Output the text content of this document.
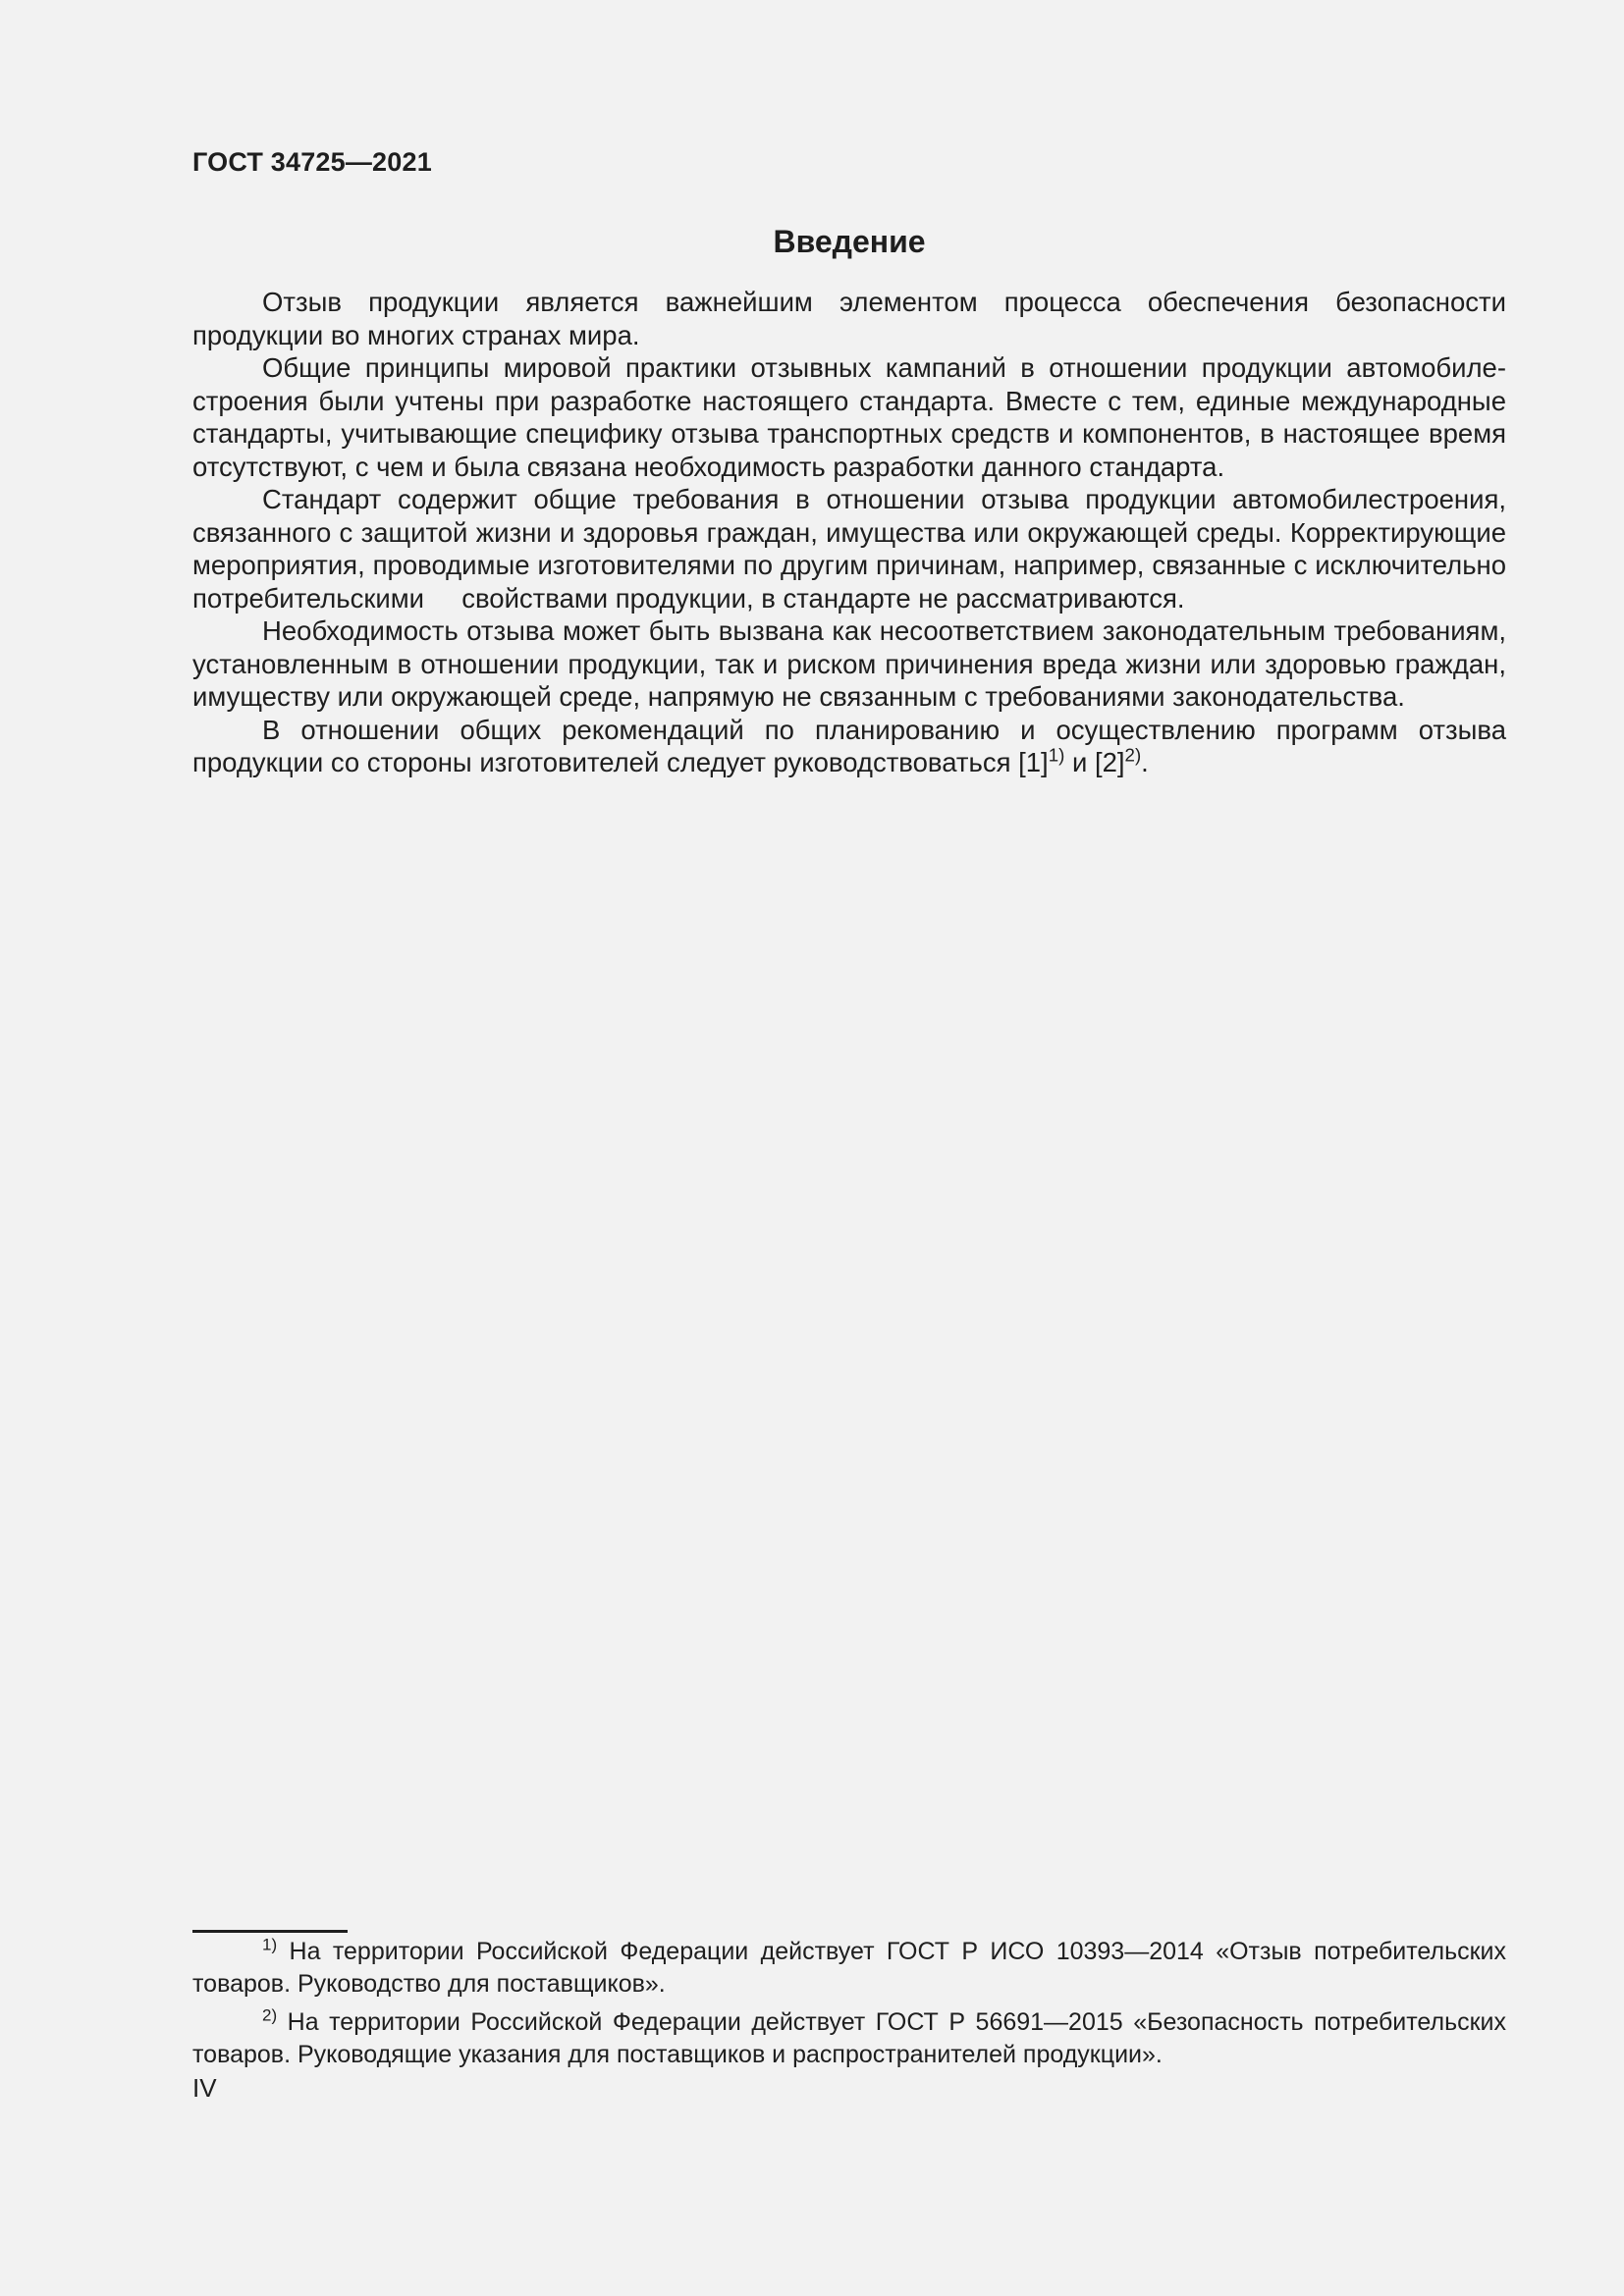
ГОСТ 34725—2021
Введение

Отзыв продукции является важнейшим элементом процесса обеспечения безопасности продукции во многих странах мира.

Общие принципы мировой практики отзывных кампаний в отношении продукции автомобиле-строения были учтены при разработке настоящего стандарта. Вместе с тем, единые международные стандарты, учитывающие специфику отзыва транспортных средств и компонентов, в настоящее время отсутствуют, с чем и была связана необходимость разработки данного стандарта.

Стандарт содержит общие требования в отношении отзыва продукции автомобилестроения, связанного с защитой жизни и здоровья граждан, имущества или окружающей среды. Корректирующие мероприятия, проводимые изготовителями по другим причинам, например, связанные с исключительно потребительскими     свойствами продукции, в стандарте не рассматриваются.

Необходимость отзыва может быть вызвана как несоответствием законодательным требованиям, установленным в отношении продукции, так и риском причинения вреда жизни или здоровью граждан, имуществу или окружающей среде, напрямую не связанным с требованиями законодательства.

В отношении общих рекомендаций по планированию и осуществлению программ отзыва продукции со стороны изготовителей следует руководствоваться $[1]^{1)}$ и $[2]^{2)}$.

$^{1)}$ На территории Российской Федерации действует ГОСТ Р ИСО 10393—2014 «Отзыв потребительских товаров. Руководство для поставщиков».

$^{2)}$ На территории Российской Федерации действует ГОСТ Р 56691—2015 «Безопасность потребительских товаров. Руководящие указания для поставщиков и распространителей продукции».

IV
